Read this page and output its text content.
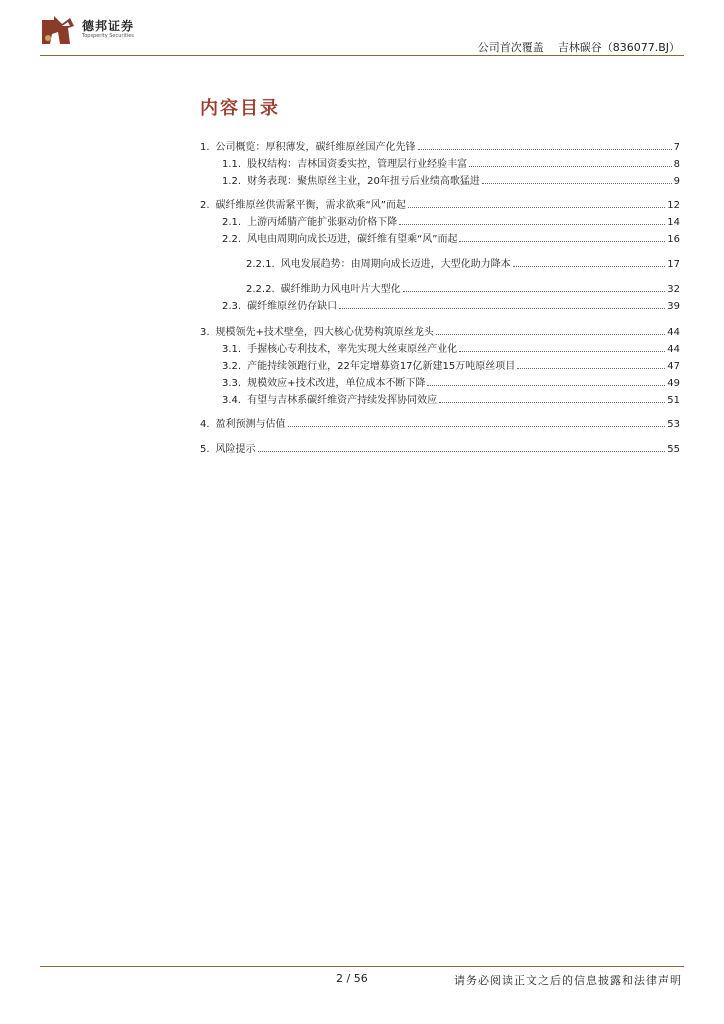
德邦证券
Topsperity Securities
公司首次覆盖 吉林碳谷（836077.BJ）
内容目录
1. 公司概览：厚积薄发，碳纤维原丝国产化先锋	7
1.1. 股权结构：吉林国资委实控，管理层行业经验丰富	8
1.2. 财务表现：聚焦原丝主业，20年扭亏后业绩高歌猛进	9
2. 碳纤维原丝供需紧平衡，需求欲乘“风”而起	12
2.1. 上游丙烯腈产能扩张驱动价格下降	14
2.2. 风电由周期向成长迈进，碳纤维有望乘“风”而起	16
2.2.1. 风电发展趋势：由周期向成长迈进，大型化助力降本	17
2.2.2. 碳纤维助力风电叶片大型化	32
2.3. 碳纤维原丝仍存缺口	39
3. 规模领先+技术壁垒，四大核心优势构筑原丝龙头	44
3.1. 手握核心专利技术，率先实现大丝束原丝产业化	44
3.2. 产能持续领跑行业，22年定增募资17亿新建15万吨原丝项目	47
3.3. 规模效应+技术改进，单位成本不断下降	49
3.4. 有望与吉林系碳纤维资产持续发挥协同效应	51
4. 盈利预测与估值	53
5. 风险提示	55
2 / 56	请务必阅读正文之后的信息披露和法律声明
